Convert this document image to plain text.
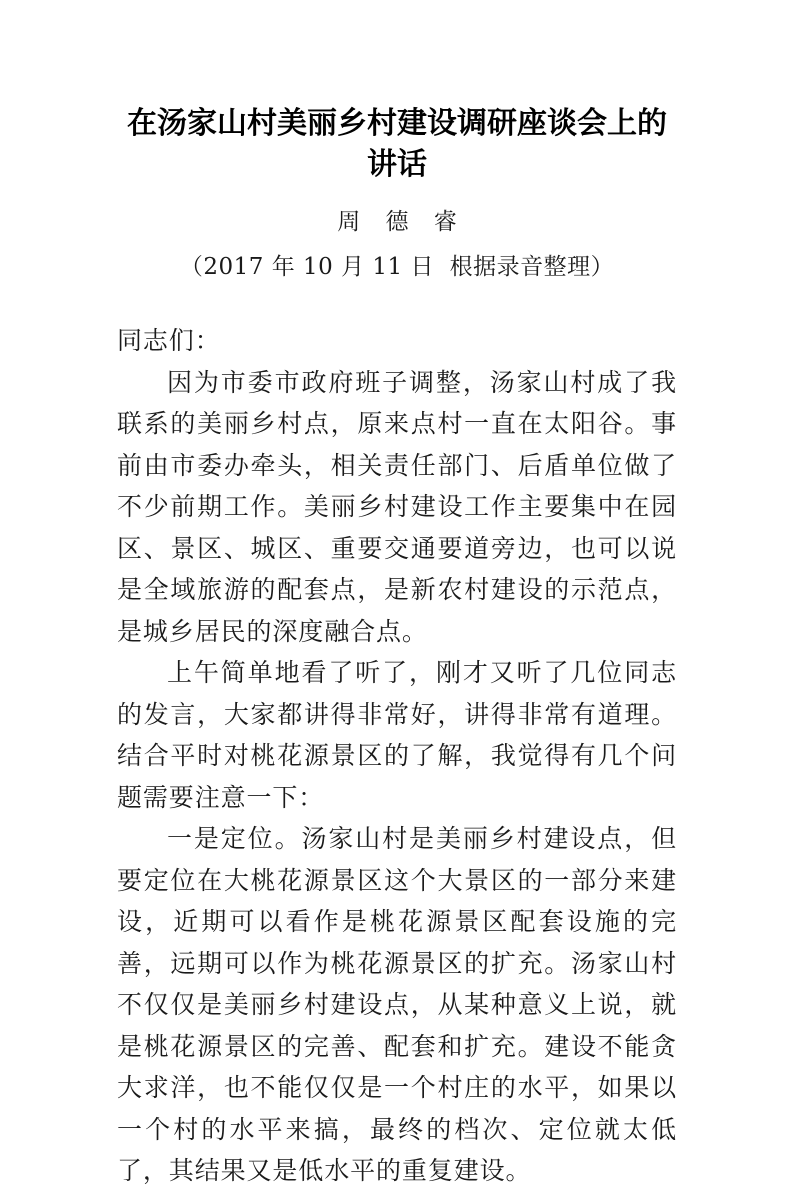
在汤家山村美丽乡村建设调研座谈会上的
讲话

周 德 睿

（2017 年 10 月 11 日  根据录音整理）

同志们：

因为市委市政府班子调整，汤家山村成了我联系的美丽乡村点，原来点村一直在太阳谷。事前由市委办牵头，相关责任部门、后盾单位做了不少前期工作。美丽乡村建设工作主要集中在园区、景区、城区、重要交通要道旁边，也可以说是全域旅游的配套点，是新农村建设的示范点，是城乡居民的深度融合点。

上午简单地看了听了，刚才又听了几位同志的发言，大家都讲得非常好，讲得非常有道理。结合平时对桃花源景区的了解，我觉得有几个问题需要注意一下：

一是定位。汤家山村是美丽乡村建设点，但要定位在大桃花源景区这个大景区的一部分来建设，近期可以看作是桃花源景区配套设施的完善，远期可以作为桃花源景区的扩充。汤家山村不仅仅是美丽乡村建设点，从某种意义上说，就是桃花源景区的完善、配套和扩充。建设不能贪大求洋，也不能仅仅是一个村庄的水平，如果以一个村的水平来搞，最终的档次、定位就太低了，其结果又是低水平的重复建设。
